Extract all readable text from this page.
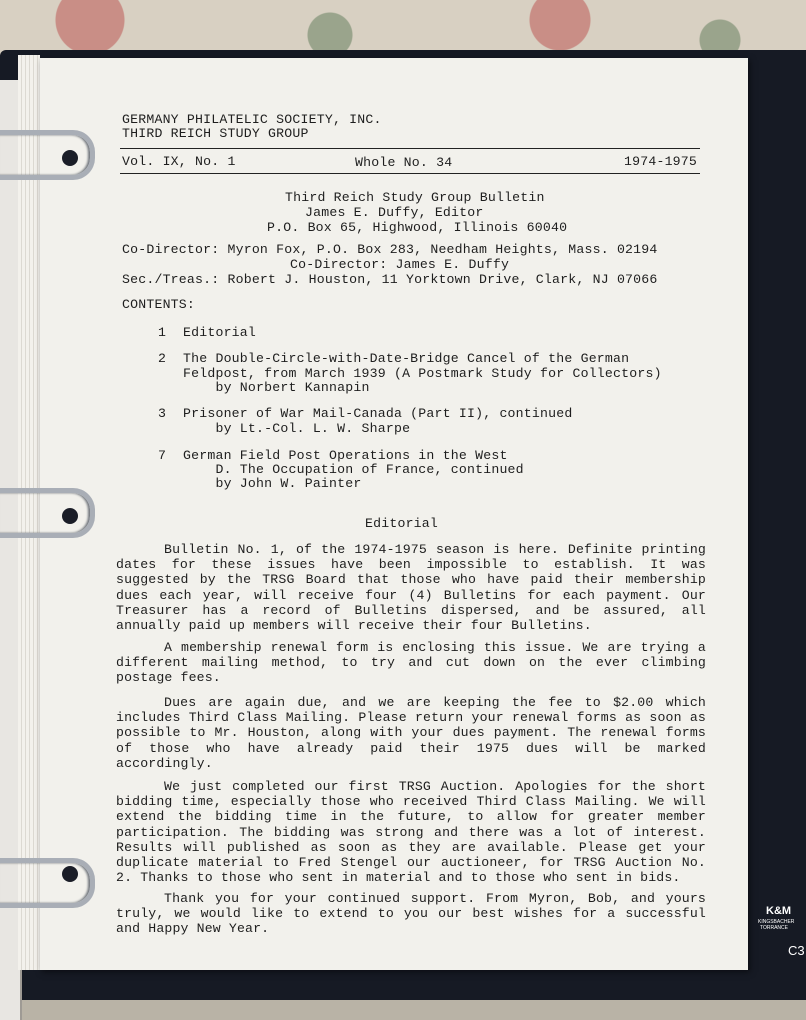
GERMANY PHILATELIC SOCIETY, INC.
THIRD REICH STUDY GROUP
Vol. IX, No. 1	Whole No. 34	1974-1975
Third Reich Study Group Bulletin
James E. Duffy, Editor
P.O. Box 65, Highwood, Illinois 60040
Co-Director: Myron Fox, P.O. Box 283, Needham Heights, Mass. 02194
Co-Director: James E. Duffy
Sec./Treas.: Robert J. Houston, 11 Yorktown Drive, Clark, NJ 07066
CONTENTS:
1 Editorial
2 The Double-Circle-with-Date-Bridge Cancel of the German
Feldpost, from March 1939 (A Postmark Study for Collectors)
by Norbert Kannapin
3 Prisoner of War Mail-Canada (Part II), continued
by Lt.-Col. L. W. Sharpe
7 German Field Post Operations in the West
D. The Occupation of France, continued
by John W. Painter
Editorial
Bulletin No. 1, of the 1974-1975 season is here. Definite printing dates for these issues have been impossible to establish. It was suggested by the TRSG Board that those who have paid their membership dues each year, will receive four (4) Bulletins for each payment. Our Treasurer has a record of Bulletins dispersed, and be assured, all annually paid up members will receive their four Bulletins.
A membership renewal form is enclosing this issue. We are trying a different mailing method, to try and cut down on the ever climbing postage fees.
Dues are again due, and we are keeping the fee to $2.00 which includes Third Class Mailing. Please return your renewal forms as soon as possible to Mr. Houston, along with your dues payment. The renewal forms of those who have already paid their 1975 dues will be marked accordingly.
We just completed our first TRSG Auction. Apologies for the short bidding time, especially those who received Third Class Mailing. We will extend the bidding time in the future, to allow for greater member participation. The bidding was strong and there was a lot of interest. Results will published as soon as they are available. Please get your duplicate material to Fred Stengel our auctioneer, for TRSG Auction No. 2. Thanks to those who sent in material and to those who sent in bids.
Thank you for your continued support. From Myron, Bob, and yours truly, we would like to extend to you our best wishes for a successful and Happy New Year.
K&M
KINGSBACHER
TORRANCE
C3
